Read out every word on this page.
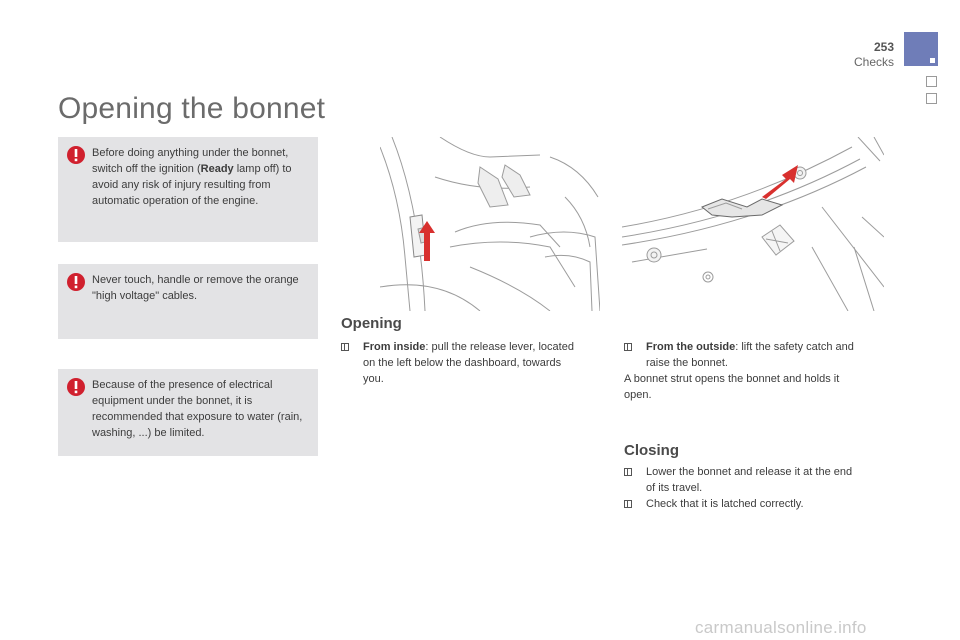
253
Checks
Opening the bonnet
Before doing anything under the bonnet, switch off the ignition (Ready lamp off) to avoid any risk of injury resulting from automatic operation of the engine.
Never touch, handle or remove the orange "high voltage" cables.
Because of the presence of electrical equipment under the bonnet, it is recommended that exposure to water (rain, washing, ...) be limited.
Opening
From inside: pull the release lever, located
on the left below the dashboard, towards
you.
From the outside: lift the safety catch and
raise the bonnet.
A bonnet strut opens the bonnet and holds it
open.
Closing
Lower the bonnet and release it at the end
of its travel.
Check that it is latched correctly.
carmanualsonline.info
